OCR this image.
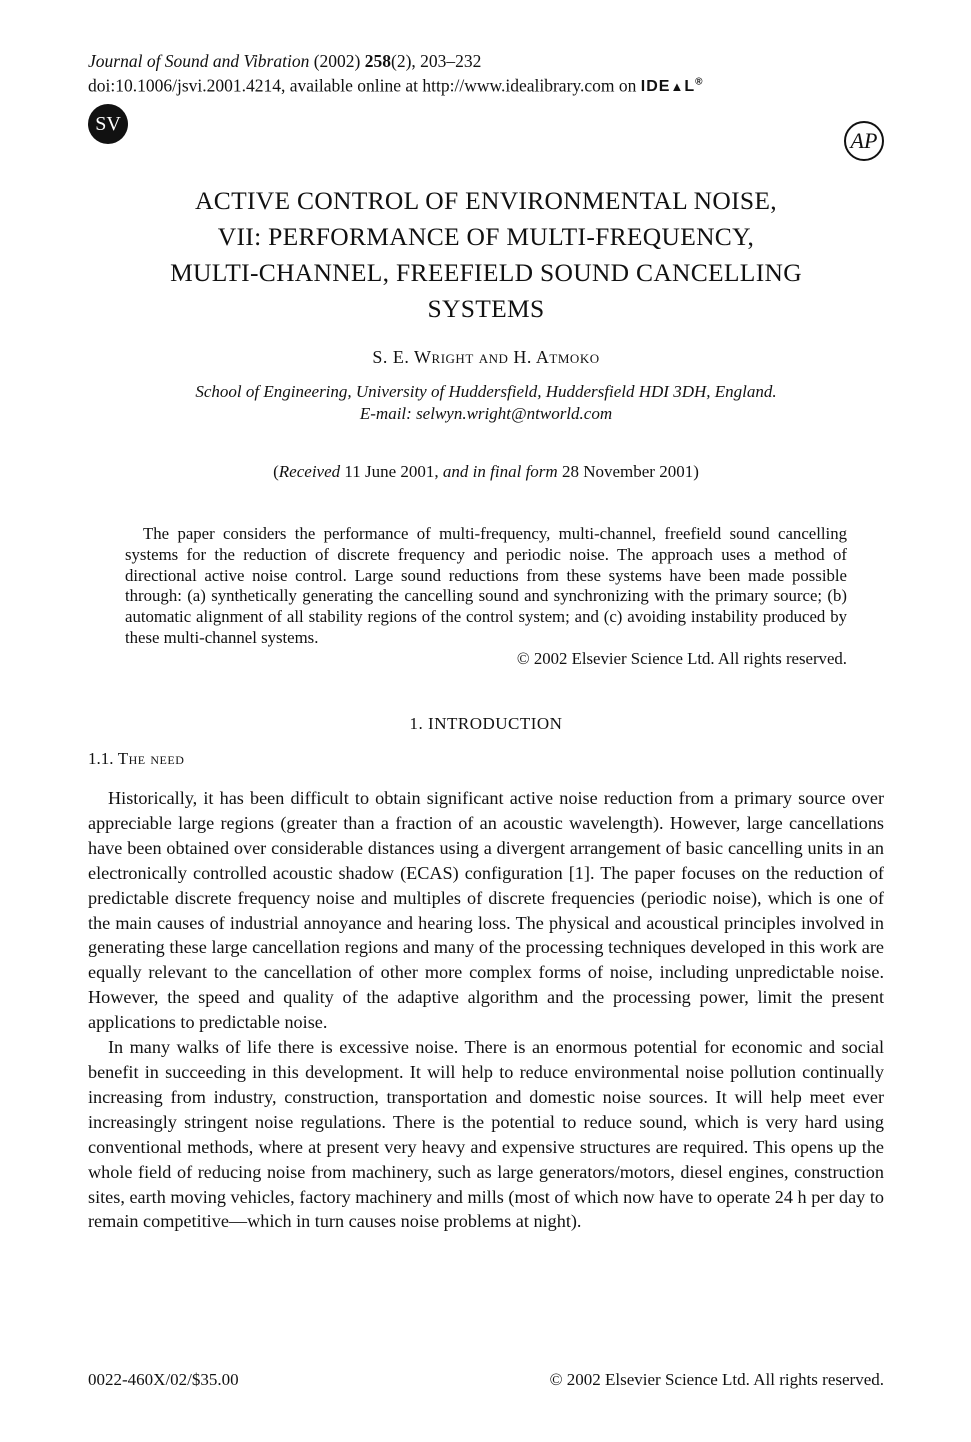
Journal of Sound and Vibration (2002) 258(2), 203–232
doi:10.1006/jsvi.2001.4214, available online at http://www.idealibrary.com on IDE▲L®
SV
AP
ACTIVE CONTROL OF ENVIRONMENTAL NOISE,
VII: PERFORMANCE OF MULTI-FREQUENCY,
MULTI-CHANNEL, FREEFIELD SOUND CANCELLING
SYSTEMS
S. E. Wright and H. Atmoko
School of Engineering, University of Huddersfield, Huddersfield HDI 3DH, England.
E-mail: selwyn.wright@ntworld.com
(Received 11 June 2001, and in final form 28 November 2001)
The paper considers the performance of multi-frequency, multi-channel, freefield sound cancelling systems for the reduction of discrete frequency and periodic noise. The approach uses a method of directional active noise control. Large sound reductions from these systems have been made possible through: (a) synthetically generating the cancelling sound and synchronizing with the primary source; (b) automatic alignment of all stability regions of the control system; and (c) avoiding instability produced by these multi-channel systems.
© 2002 Elsevier Science Ltd. All rights reserved.
1. INTRODUCTION
1.1. The need

Historically, it has been difficult to obtain significant active noise reduction from a primary source over appreciable large regions (greater than a fraction of an acoustic wavelength). However, large cancellations have been obtained over considerable distances using a divergent arrangement of basic cancelling units in an electronically controlled acoustic shadow (ECAS) configuration [1]. The paper focuses on the reduction of predictable discrete frequency noise and multiples of discrete frequencies (periodic noise), which is one of the main causes of industrial annoyance and hearing loss. The physical and acoustical principles involved in generating these large cancellation regions and many of the processing techniques developed in this work are equally relevant to the cancellation of other more complex forms of noise, including unpredictable noise. However, the speed and quality of the adaptive algorithm and the processing power, limit the present applications to predictable noise.

In many walks of life there is excessive noise. There is an enormous potential for economic and social benefit in succeeding in this development. It will help to reduce environmental noise pollution continually increasing from industry, construction, transportation and domestic noise sources. It will help meet ever increasingly stringent noise regulations. There is the potential to reduce sound, which is very hard using conventional methods, where at present very heavy and expensive structures are required. This opens up the whole field of reducing noise from machinery, such as large generators/motors, diesel engines, construction sites, earth moving vehicles, factory machinery and mills (most of which now have to operate 24 h per day to remain competitive—which in turn causes noise problems at night).

0022-460X/02/$35.00	© 2002 Elsevier Science Ltd. All rights reserved.
